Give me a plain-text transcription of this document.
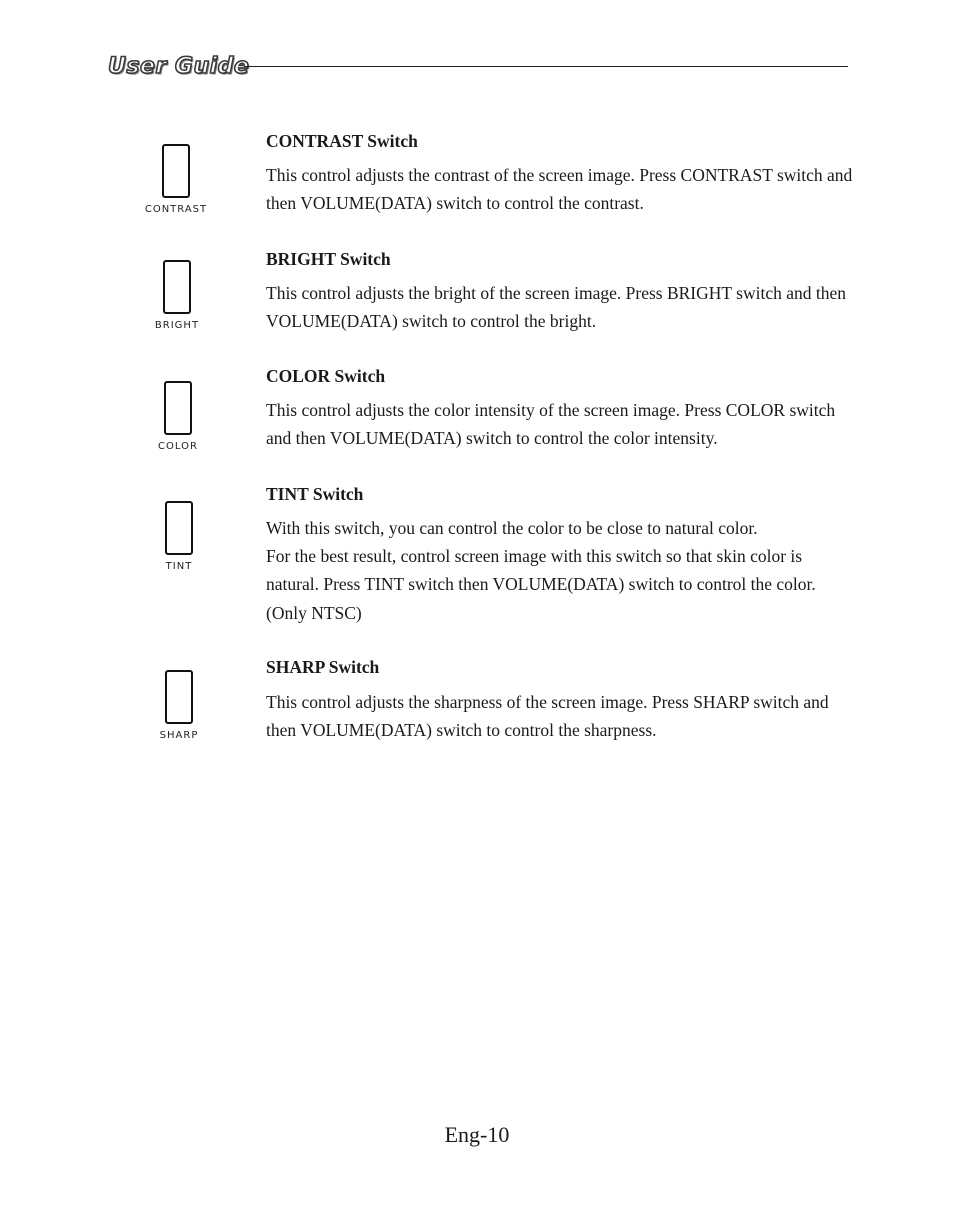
User Guide
CONTRAST
CONTRAST Switch
This control adjusts the contrast of the screen image. Press CONTRAST switch and then VOLUME(DATA) switch to control the contrast.
BRIGHT
BRIGHT Switch
This control adjusts the bright of the screen image. Press BRIGHT switch and then VOLUME(DATA) switch to control the bright.
COLOR
COLOR Switch
This control adjusts the color intensity of the screen image. Press COLOR switch and then VOLUME(DATA) switch to control the color intensity.
TINT
TINT Switch
With this switch, you can control the color to be close to natural color.
For the best result, control screen image with this switch so that skin color is natural. Press TINT switch then VOLUME(DATA) switch to control the color. (Only NTSC)
SHARP
SHARP Switch
This control adjusts the sharpness of the screen image. Press SHARP switch and then VOLUME(DATA) switch to control the sharpness.
Eng-10
